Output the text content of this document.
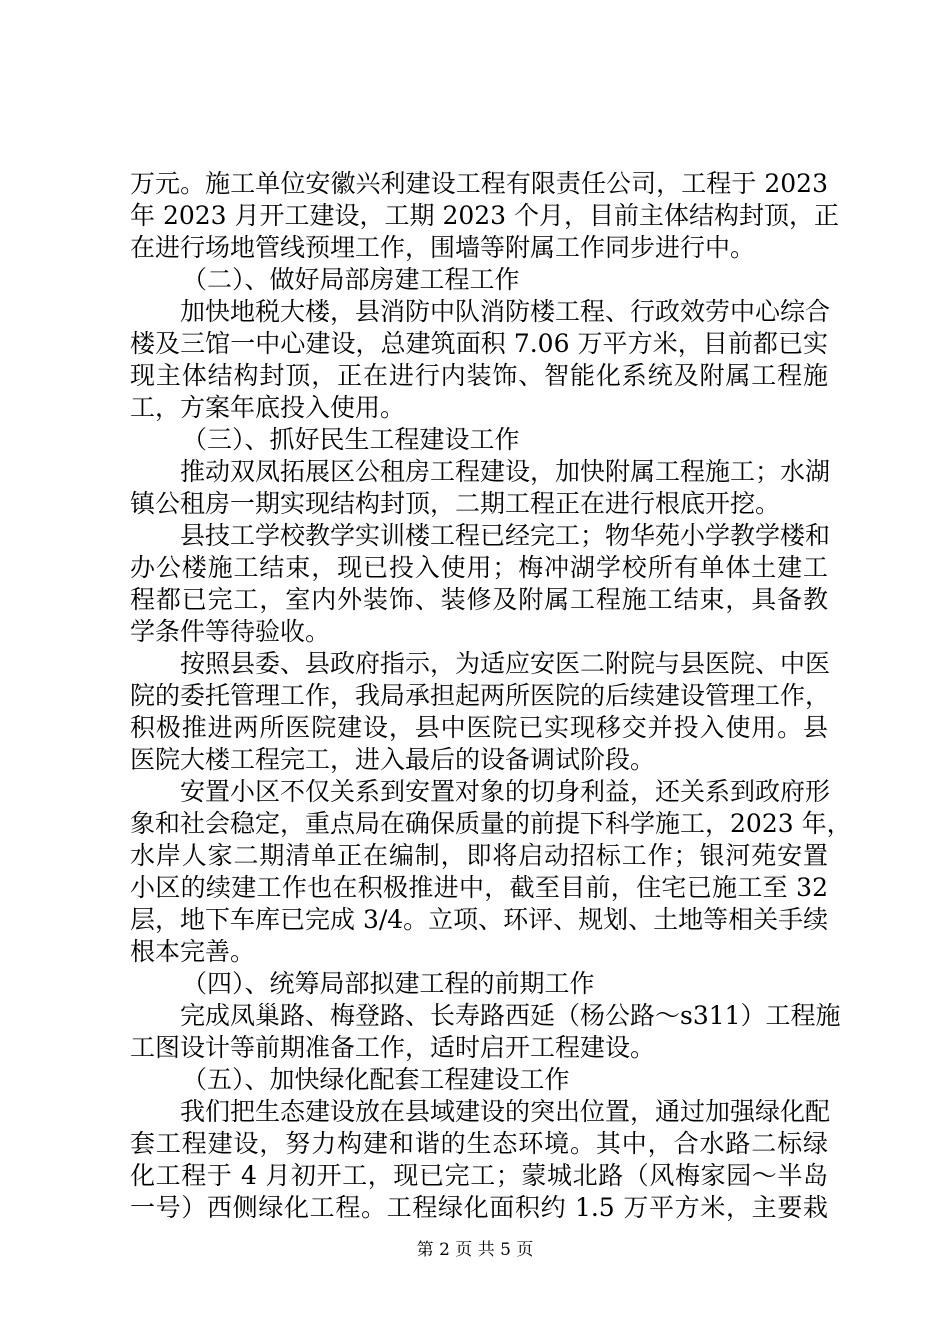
万元。施工单位安徽兴利建设工程有限责任公司，工程于 2023
年 2023 月开工建设，工期 2023 个月，目前主体结构封顶，正
在进行场地管线预埋工作，围墙等附属工作同步进行中。
（二）、做好局部房建工程工作
加快地税大楼，县消防中队消防楼工程、行政效劳中心综合
楼及三馆一中心建设，总建筑面积 7.06 万平方米，目前都已实
现主体结构封顶，正在进行内装饰、智能化系统及附属工程施
工，方案年底投入使用。
（三）、抓好民生工程建设工作
推动双凤拓展区公租房工程建设，加快附属工程施工；水湖
镇公租房一期实现结构封顶，二期工程正在进行根底开挖。
县技工学校教学实训楼工程已经完工；物华苑小学教学楼和
办公楼施工结束，现已投入使用；梅冲湖学校所有单体土建工
程都已完工，室内外装饰、装修及附属工程施工结束，具备教
学条件等待验收。
按照县委、县政府指示，为适应安医二附院与县医院、中医
院的委托管理工作，我局承担起两所医院的后续建设管理工作，
积极推进两所医院建设，县中医院已实现移交并投入使用。县
医院大楼工程完工，进入最后的设备调试阶段。
安置小区不仅关系到安置对象的切身利益，还关系到政府形
象和社会稳定，重点局在确保质量的前提下科学施工，2023 年，
水岸人家二期清单正在编制，即将启动招标工作；银河苑安置
小区的续建工作也在积极推进中，截至目前，住宅已施工至 32
层，地下车库已完成 3/4。立项、环评、规划、土地等相关手续
根本完善。
（四）、统筹局部拟建工程的前期工作
完成凤巢路、梅登路、长寿路西延（杨公路～s311）工程施
工图设计等前期准备工作，适时启开工程建设。
（五）、加快绿化配套工程建设工作
我们把生态建设放在县域建设的突出位置，通过加强绿化配
套工程建设，努力构建和谐的生态环境。其中，合水路二标绿
化工程于 4 月初开工，现已完工；蒙城北路（风梅家园～半岛
一号）西侧绿化工程。工程绿化面积约 1.5 万平方米，主要栽
第 2 页 共 5 页
